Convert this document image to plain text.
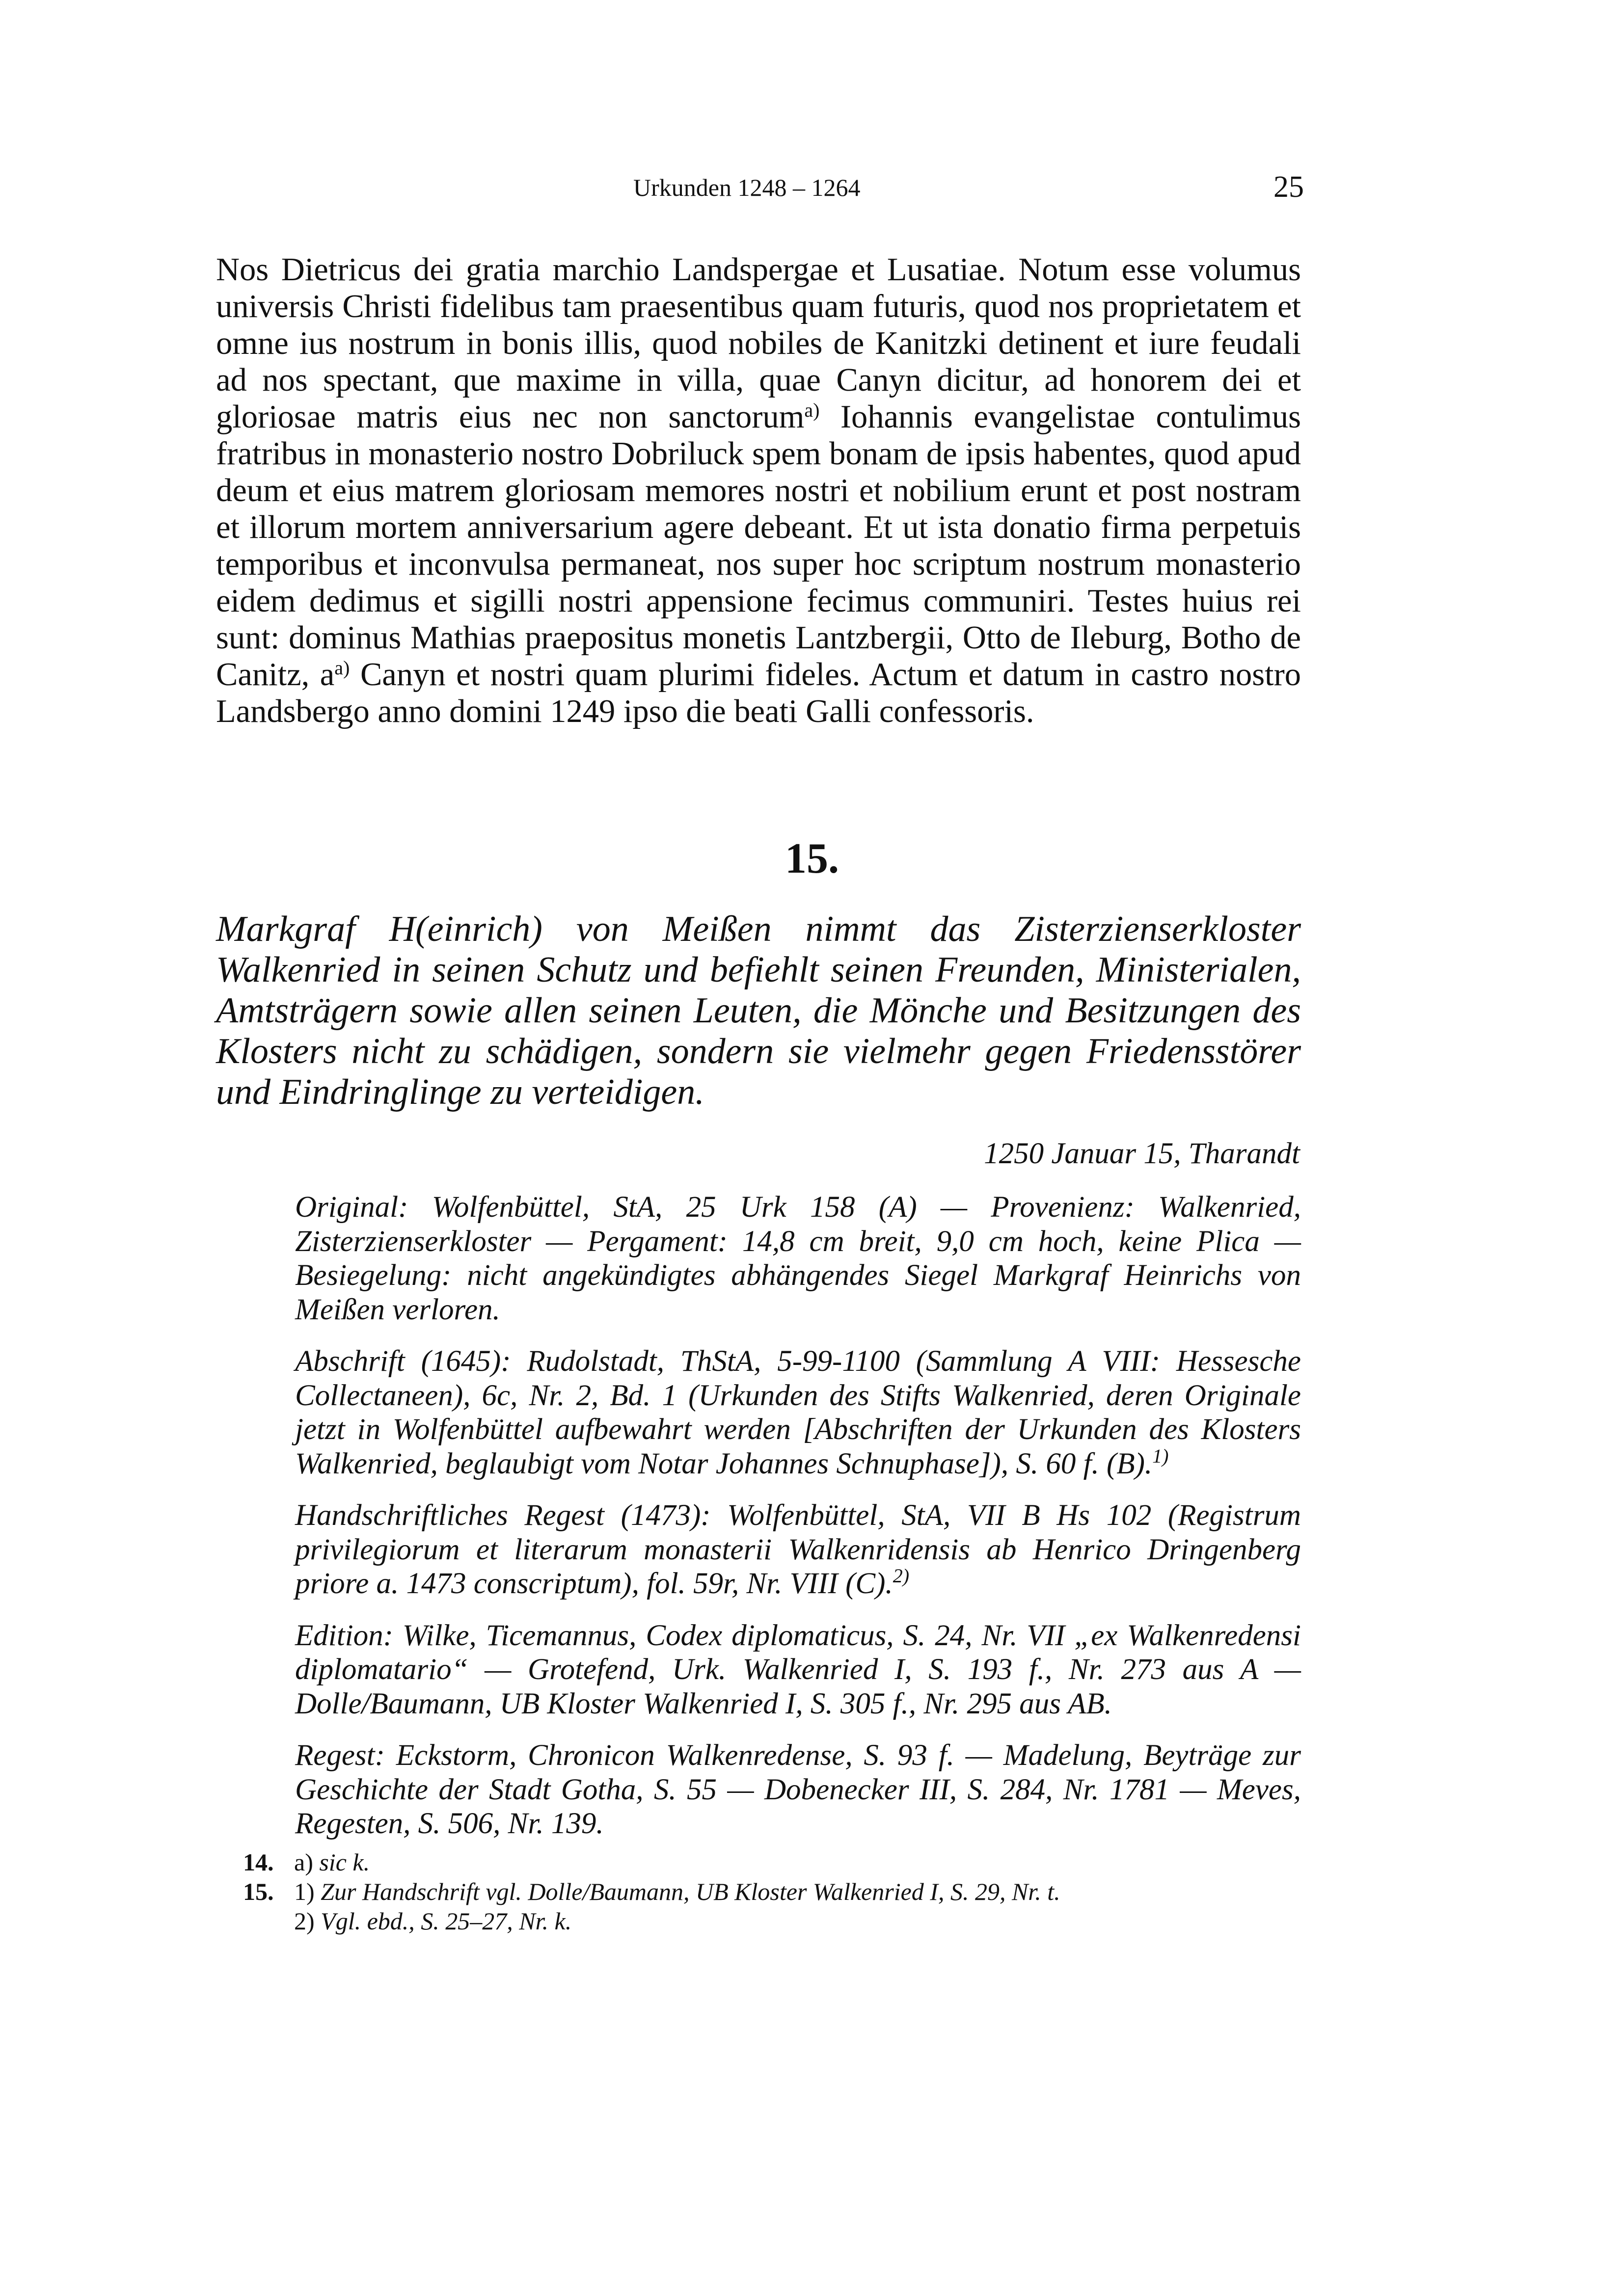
Urkunden 1248 – 1264	25
Nos Dietricus dei gratia marchio Landspergae et Lusatiae. Notum esse volumus universis Christi fidelibus tam praesentibus quam futuris, quod nos proprietatem et omne ius nostrum in bonis illis, quod nobiles de Kanitzki detinent et iure feudali ad nos spectant, que maxime in villa, quae Canyn dicitur, ad honorem dei et gloriosae matris eius nec non sanctorum$^{a)}$ Iohannis evangelistae contulimus fratribus in monasterio nostro Dobriluck spem bonam de ipsis habentes, quod apud deum et eius matrem gloriosam memores nostri et nobilium erunt et post nostram et illorum mortem anniversarium agere debeant. Et ut ista donatio firma perpetuis temporibus et inconvulsa permaneat, nos super hoc scriptum nostrum monasterio eidem dedimus et sigilli nostri appensione fecimus communiri. Testes huius rei sunt: dominus Mathias praepositus monetis Lantzbergii, Otto de Ileburg, Botho de Canitz, $a^{a)}$ Canyn et nostri quam plurimi fideles. Actum et datum in castro nostro Landsbergo anno domini 1249 ipso die beati Galli confessoris.
15.
Markgraf H(einrich) von Meißen nimmt das Zisterzienserkloster Walkenried in seinen Schutz und befiehlt seinen Freunden, Ministerialen, Amtsträgern sowie allen seinen Leuten, die Mönche und Besitzungen des Klosters nicht zu schädigen, sondern sie vielmehr gegen Friedensstörer und Eindringlinge zu verteidigen.
1250 Januar 15, Tharandt

Original: Wolfenbüttel, StA, 25 Urk 158 (A) — Provenienz: Walkenried, Zisterzienserkloster — Pergament: 14,8 cm breit, 9,0 cm hoch, keine Plica — Besiegelung: nicht angekündigtes abhängendes Siegel Markgraf Heinrichs von Meißen verloren.

Abschrift (1645): Rudolstadt, ThStA, 5-99-1100 (Sammlung A VIII: Hessesche Collectaneen), 6c, Nr. 2, Bd. 1 (Urkunden des Stifts Walkenried, deren Originale jetzt in Wolfenbüttel aufbewahrt werden [Abschriften der Urkunden des Klosters Walkenried, beglaubigt vom Notar Johannes Schnuphase]), S. 60 f. (B).$^{1)}$

Handschriftliches Regest (1473): Wolfenbüttel, StA, VII B Hs 102 (Registrum privilegiorum et literarum monasterii Walkenridensis ab Henrico Dringenberg priore a. 1473 conscriptum), fol. 59r, Nr. VIII (C).$^{2)}$

Edition: Wilke, Ticemannus, Codex diplomaticus, S. 24, Nr. VII „ex Walkenredensi diplomatario“ — Grotefend, Urk. Walkenried I, S. 193 f., Nr. 273 aus A — Dolle/Baumann, UB Kloster Walkenried I, S. 305 f., Nr. 295 aus AB.

Regest: Eckstorm, Chronicon Walkenredense, S. 93 f. — Madelung, Beyträge zur Geschichte der Stadt Gotha, S. 55 — Dobenecker III, S. 284, Nr. 1781 — Meves, Regesten, S. 506, Nr. 139.

14. a) sic k.
15. 1) Zur Handschrift vgl. Dolle/Baumann, UB Kloster Walkenried I, S. 29, Nr. t.
2) Vgl. ebd., S. 25–27, Nr. k.
